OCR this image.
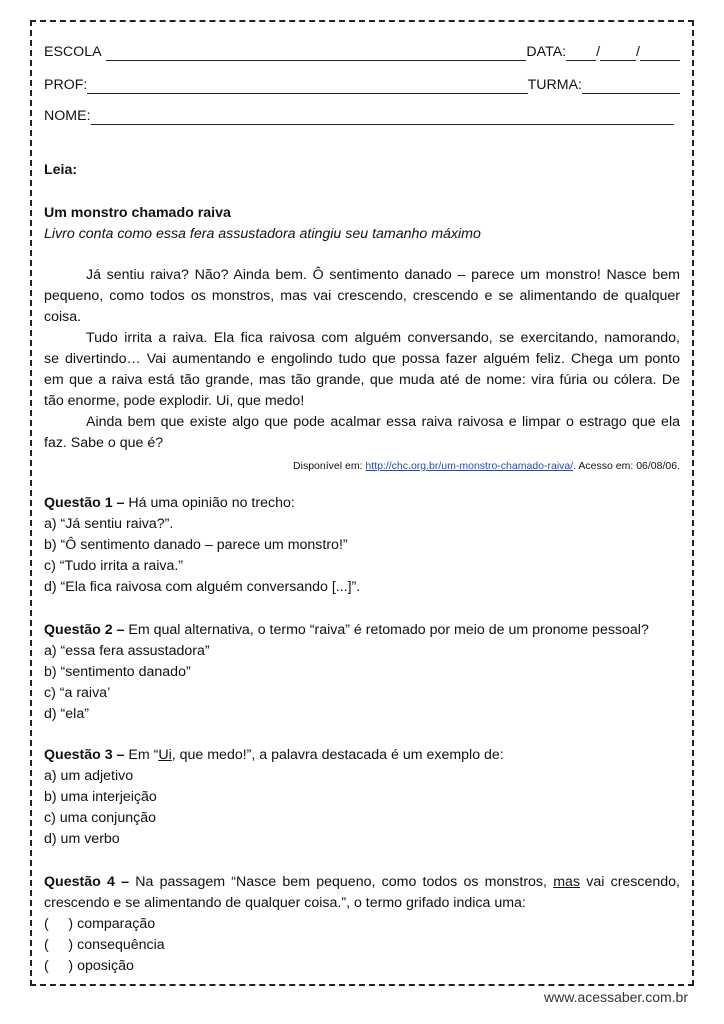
ESCOLA	DATA: /	/
PROF:	TURMA:
NOME:
Leia:
Um monstro chamado raiva
Livro conta como essa fera assustadora atingiu seu tamanho máximo
Já sentiu raiva? Não? Ainda bem. Ô sentimento danado – parece um monstro! Nasce bem
pequeno, como todos os monstros, mas vai crescendo, crescendo e se alimentando de qualquer
coisa.
Tudo irrita a raiva. Ela fica raivosa com alguém conversando, se exercitando, namorando,
se divertindo… Vai aumentando e engolindo tudo que possa fazer alguém feliz. Chega um ponto
em que a raiva está tão grande, mas tão grande, que muda até de nome: vira fúria ou cólera. De
tão enorme, pode explodir. Ui, que medo!
Ainda bem que existe algo que pode acalmar essa raiva raivosa e limpar o estrago que ela
faz. Sabe o que é?
Disponível em: http://chc.org.br/um-monstro-chamado-raiva/. Acesso em: 06/08/06.
Questão 1 – Há uma opinião no trecho:
a) “Já sentiu raiva?”.
b) “Ô sentimento danado – parece um monstro!”
c) “Tudo irrita a raiva.”
d) “Ela fica raivosa com alguém conversando [...]”.
Questão 2 – Em qual alternativa, o termo “raiva” é retomado por meio de um pronome pessoal?
a) “essa fera assustadora”
b) “sentimento danado”
c) “a raiva’
d) “ela”
Questão 3 – Em “Ui, que medo!”, a palavra destacada é um exemplo de:
a) um adjetivo
b) uma interjeição
c) uma conjunção
d) um verbo
Questão 4 – Na passagem “Nasce bem pequeno, como todos os monstros, mas vai crescendo,
crescendo e se alimentando de qualquer coisa.”, o termo grifado indica uma:
(     ) comparação
(     ) consequência
(     ) oposição
www.acessaber.com.br
